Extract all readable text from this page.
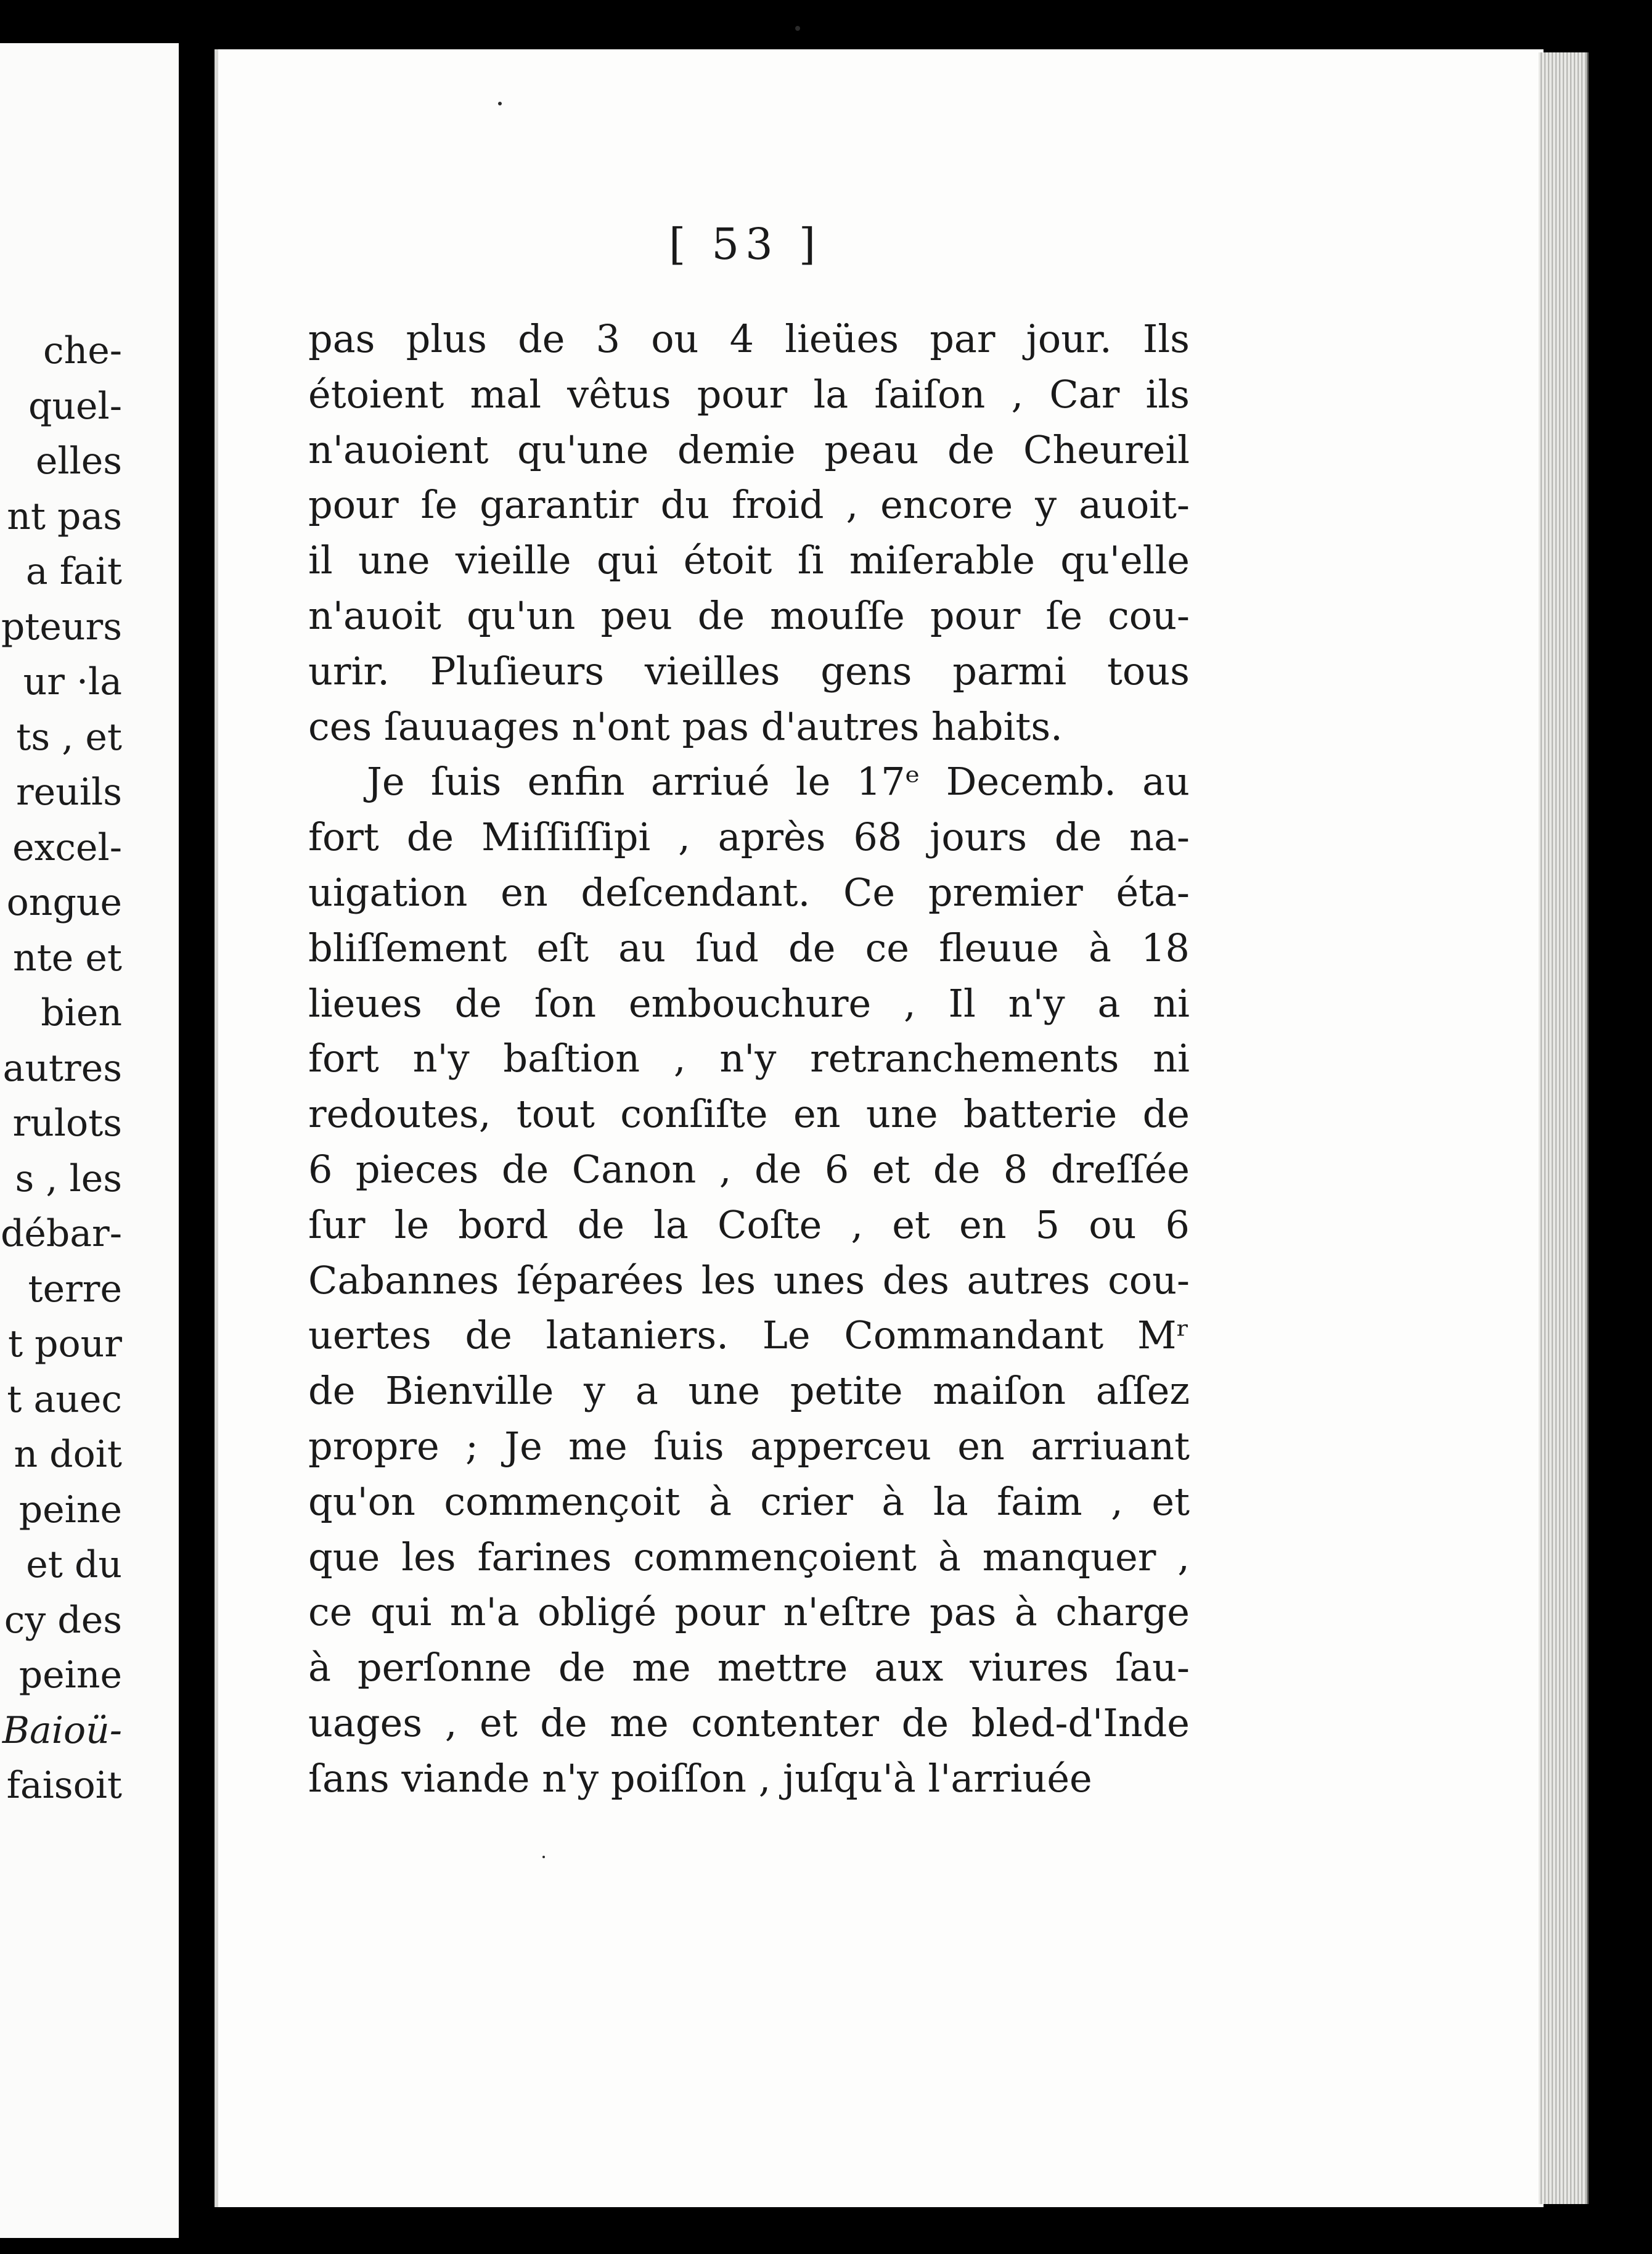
che-
quel-
elles
nt pas
a fait
pteurs
ur ·la
ts , et
reuils
excel-
ongue
nte et
bien
autres
rulots
s , les
débar-
terre
t pour
t auec
n doit
peine
et du
cy des
peine
Baioü-
faisoit
[ 53 ]
pas plus de 3 ou 4 lieües par jour. Ils
étoient mal vêtus pour la ſaiſon , Car ils
n'auoient qu'une demie peau de Cheureil
pour ſe garantir du froid , encore y auoit-
il une vieille qui étoit ſi miſerable qu'elle
n'auoit qu'un peu de mouſſe pour ſe cou-
urir. Pluſieurs vieilles gens parmi tous
ces ſauuages n'ont pas d'autres habits.
Je ſuis enfin arriué le 17ᵉ Decemb. au
fort de Miſſiſſipi , après 68 jours de na-
uigation en deſcendant. Ce premier éta-
bliſſement eſt au ſud de ce fleuue à 18
lieues de ſon embouchure , Il n'y a ni
fort n'y baſtion , n'y retranchements ni
redoutes, tout conſiſte en une batterie de
6 pieces de Canon , de 6 et de 8 dreſſée
ſur le bord de la Coſte , et en 5 ou 6
Cabannes ſéparées les unes des autres cou-
uertes de lataniers. Le Commandant Mʳ
de Bienville y a une petite maiſon aſſez
propre ; Je me ſuis apperceu en arriuant
qu'on commençoit à crier à la faim , et
que les farines commençoient à manquer ,
ce qui m'a obligé pour n'eſtre pas à charge
à perſonne de me mettre aux viures ſau-
uages , et de me contenter de bled-d'Inde
ſans viande n'y poiſſon , juſqu'à l'arriuée
